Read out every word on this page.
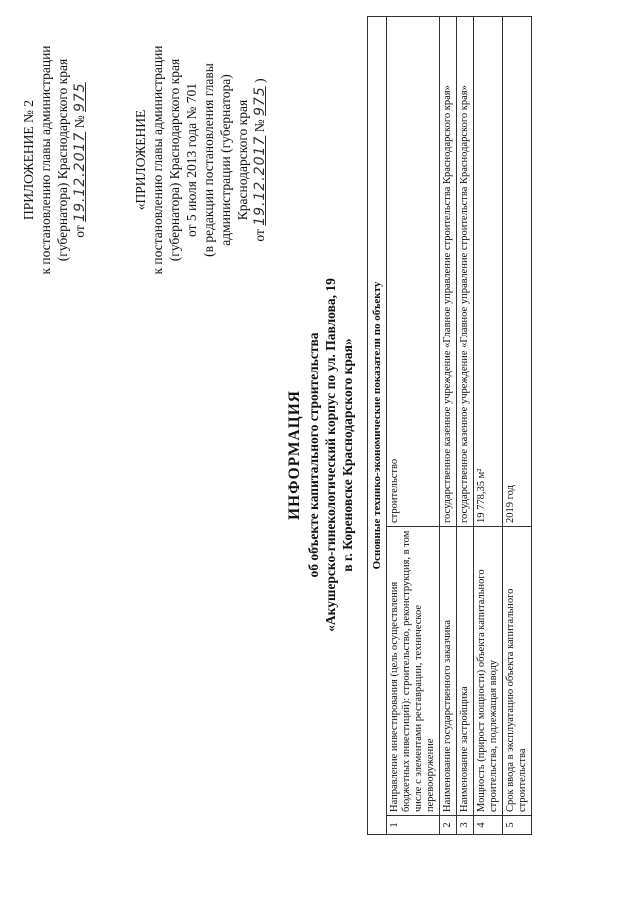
ПРИЛОЖЕНИЕ № 2 к постановлению главы администрации (губернатора) Краснодарского края от 19.12.2017 № 975
«ПРИЛОЖЕНИЕ к постановлению главы администрации (губернатора) Краснодарского края от 5 июля 2013 года № 701 (в редакции постановления главы администрации (губернатора) Краснодарского края
от 19.12.2017 № 975 )
ИНФОРМАЦИЯ об объекте капитального строительства «Акушерско-гинекологический корпус по ул. Павлова, 19 в г. Кореновске Краснодарского края» Основные технико-экономические показатели по объекту		
1	Направление инвестирования (цель осуществления бюджетных инвестиций): строительство, реконструкция, в том числе с элементами реставрации, техническое перевооружение	строительство
2	Наименование государственного заказчика	государственное казенное учреждение «Главное управление строительства Краснодарского края»
3	Наименование застройщика	государственное казенное учреждение «Главное управление строительства Краснодарского края»
4	Мощность (прирост мощности) объекта капитального строительства, подлежащая вводу	19 778,35 м²
5	Срок ввода в эксплуатацию объекта капитального строительства	2019 год
